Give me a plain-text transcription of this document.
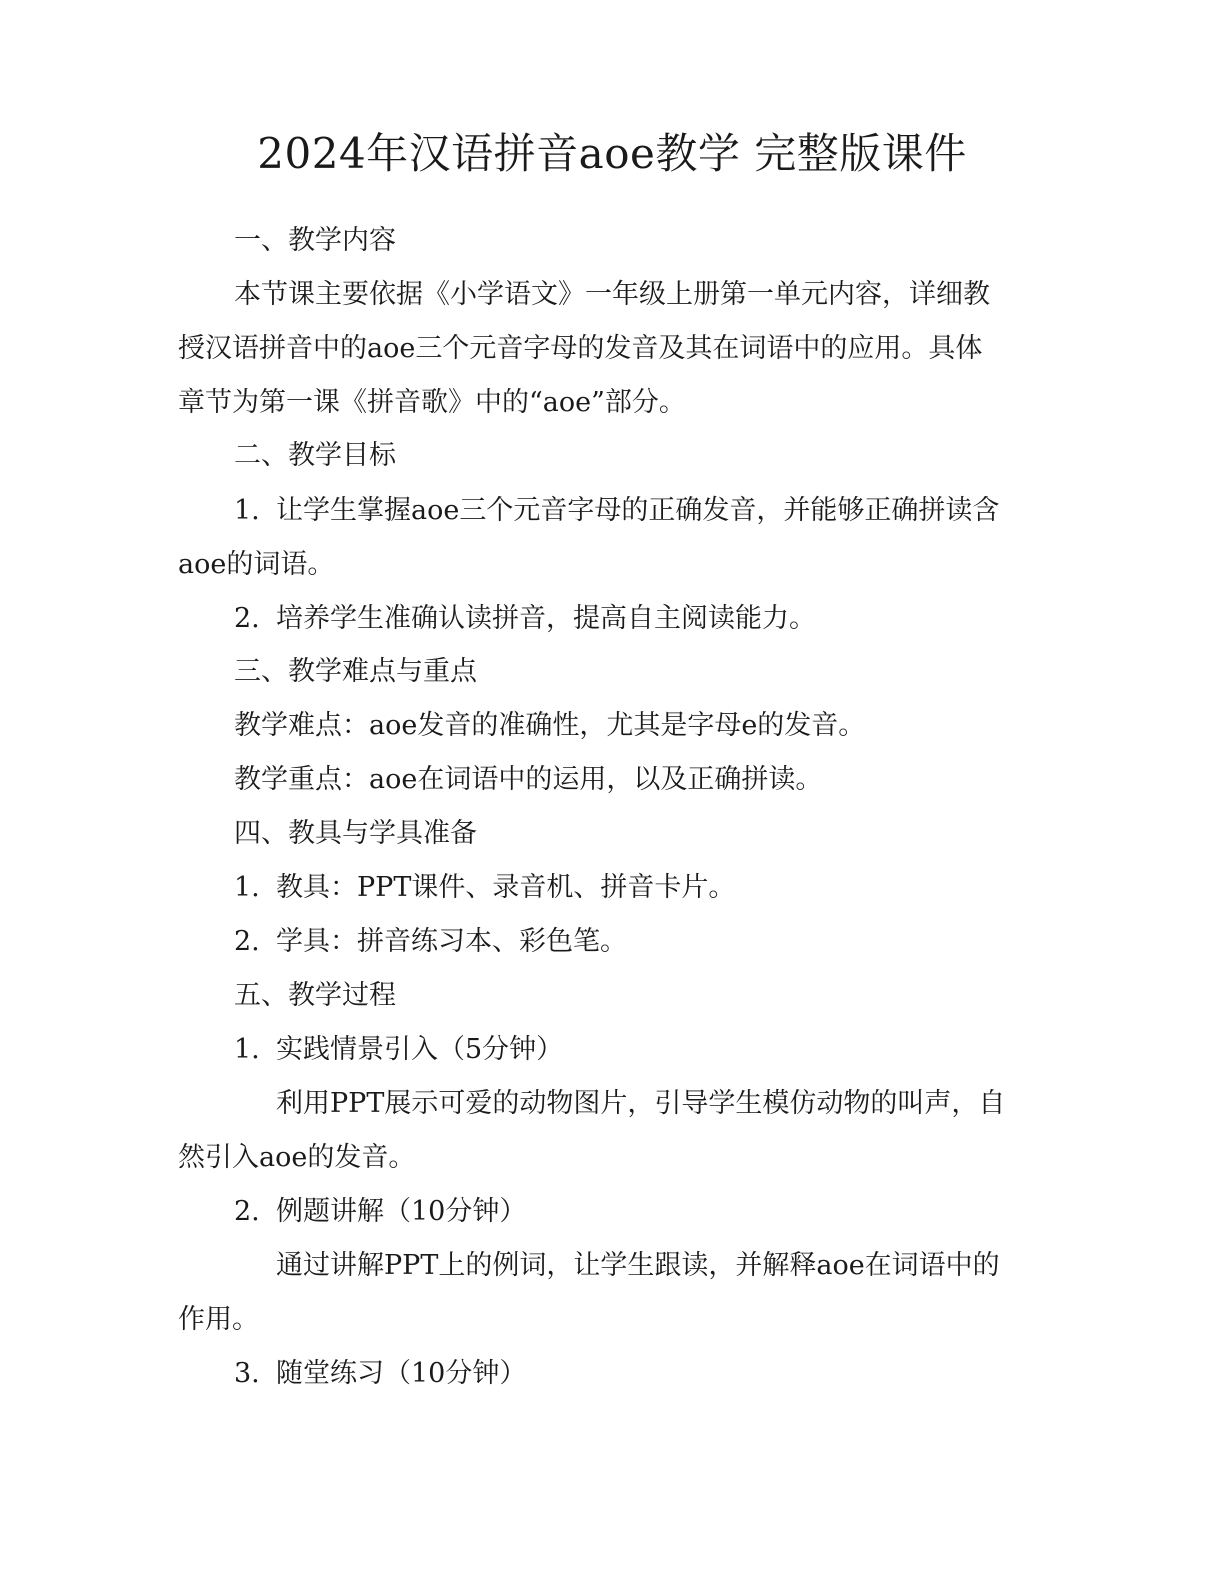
2024年汉语拼音aoe教学 完整版课件
一、教学内容
本节课主要依据《小学语文》一年级上册第一单元内容，详细教
授汉语拼音中的aoe三个元音字母的发音及其在词语中的应用。具体
章节为第一课《拼音歌》中的“aoe”部分。
二、教学目标
1. 让学生掌握aoe三个元音字母的正确发音，并能够正确拼读含
aoe的词语。
2. 培养学生准确认读拼音，提高自主阅读能力。
三、教学难点与重点
教学难点：aoe发音的准确性，尤其是字母e的发音。
教学重点：aoe在词语中的运用，以及正确拼读。
四、教具与学具准备
1. 教具：PPT课件、录音机、拼音卡片。
2. 学具：拼音练习本、彩色笔。
五、教学过程
1. 实践情景引入（5分钟）
利用PPT展示可爱的动物图片，引导学生模仿动物的叫声，自
然引入aoe的发音。
2. 例题讲解（10分钟）
通过讲解PPT上的例词，让学生跟读，并解释aoe在词语中的
作用。
3. 随堂练习（10分钟）
